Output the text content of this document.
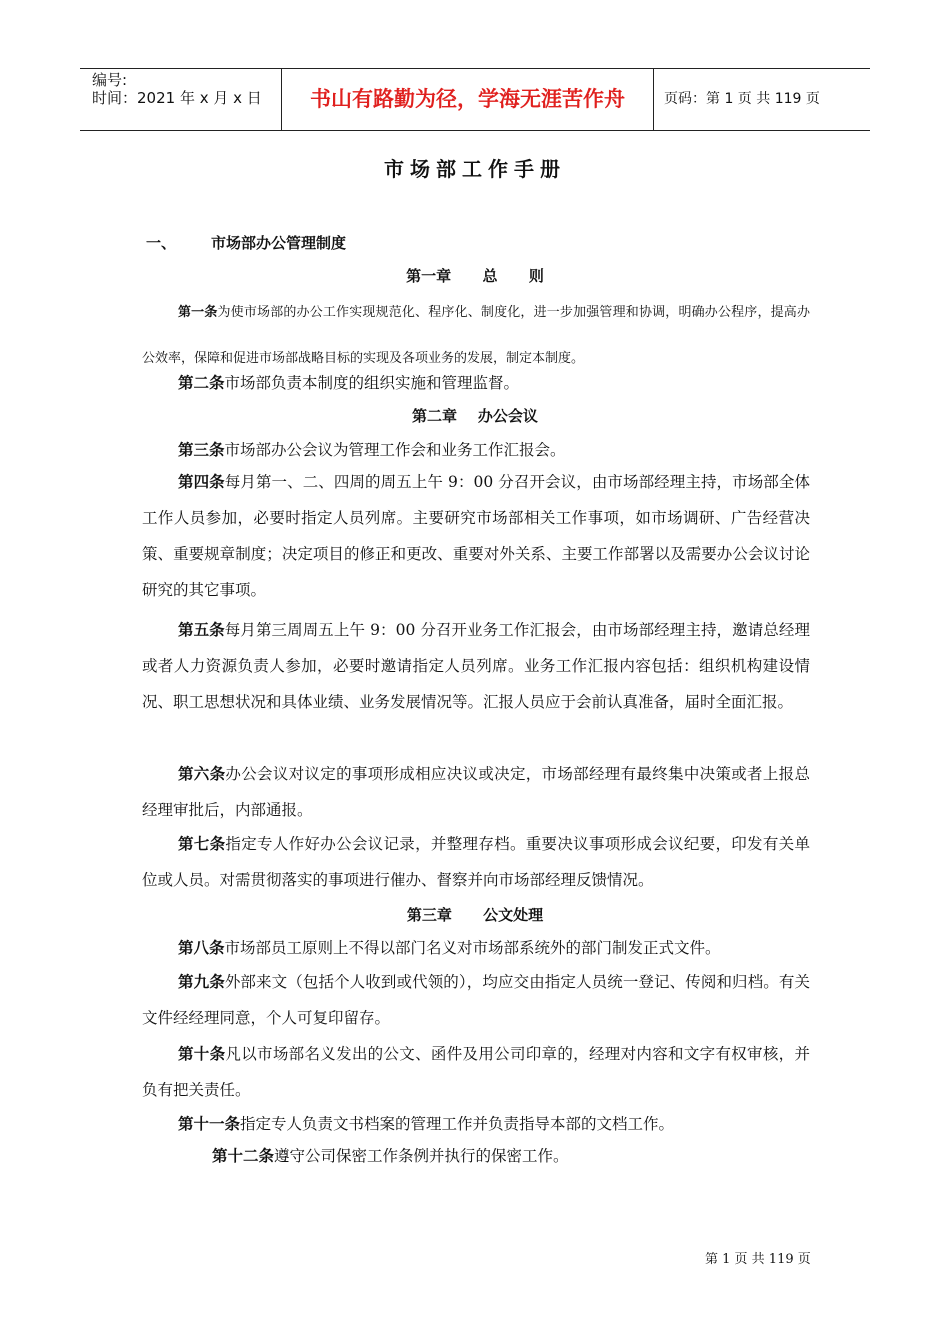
编号:
时间：2021 年 x 月 x 日	书山有路勤为径，学海无涯苦作舟	页码：第 1 页 共 119 页
市场部工作手册
一、 市场部办公管理制度
第一章      总      则
第一条为使市场部的办公工作实现规范化、程序化、制度化，进一步加强管理和协调，明确办公程序，提高办公效率，保障和促进市场部战略目标的实现及各项业务的发展，制定本制度。
第二条市场部负责本制度的组织实施和管理监督。
第二章    办公会议
第三条市场部办公会议为管理工作会和业务工作汇报会。
第四条每月第一、二、四周的周五上午 9：00 分召开会议，由市场部经理主持，市场部全体工作人员参加，必要时指定人员列席。主要研究市场部相关工作事项，如市场调研、广告经营决策、重要规章制度；决定项目的修正和更改、重要对外关系、主要工作部署以及需要办公会议讨论研究的其它事项。
第五条每月第三周周五上午 9：00 分召开业务工作汇报会，由市场部经理主持，邀请总经理或者人力资源负责人参加，必要时邀请指定人员列席。业务工作汇报内容包括：组织机构建设情况、职工思想状况和具体业绩、业务发展情况等。汇报人员应于会前认真准备，届时全面汇报。
第六条办公会议对议定的事项形成相应决议或决定，市场部经理有最终集中决策或者上报总经理审批后，内部通报。
第七条指定专人作好办公会议记录，并整理存档。重要决议事项形成会议纪要，印发有关单位或人员。对需贯彻落实的事项进行催办、督察并向市场部经理反馈情况。
第三章      公文处理
第八条市场部员工原则上不得以部门名义对市场部系统外的部门制发正式文件。
第九条外部来文（包括个人收到或代领的），均应交由指定人员统一登记、传阅和归档。有关文件经经理同意，个人可复印留存。
第十条凡以市场部名义发出的公文、函件及用公司印章的，经理对内容和文字有权审核，并负有把关责任。
第十一条指定专人负责文书档案的管理工作并负责指导本部的文档工作。
第十二条遵守公司保密工作条例并执行的保密工作。
第 1 页 共 119 页
